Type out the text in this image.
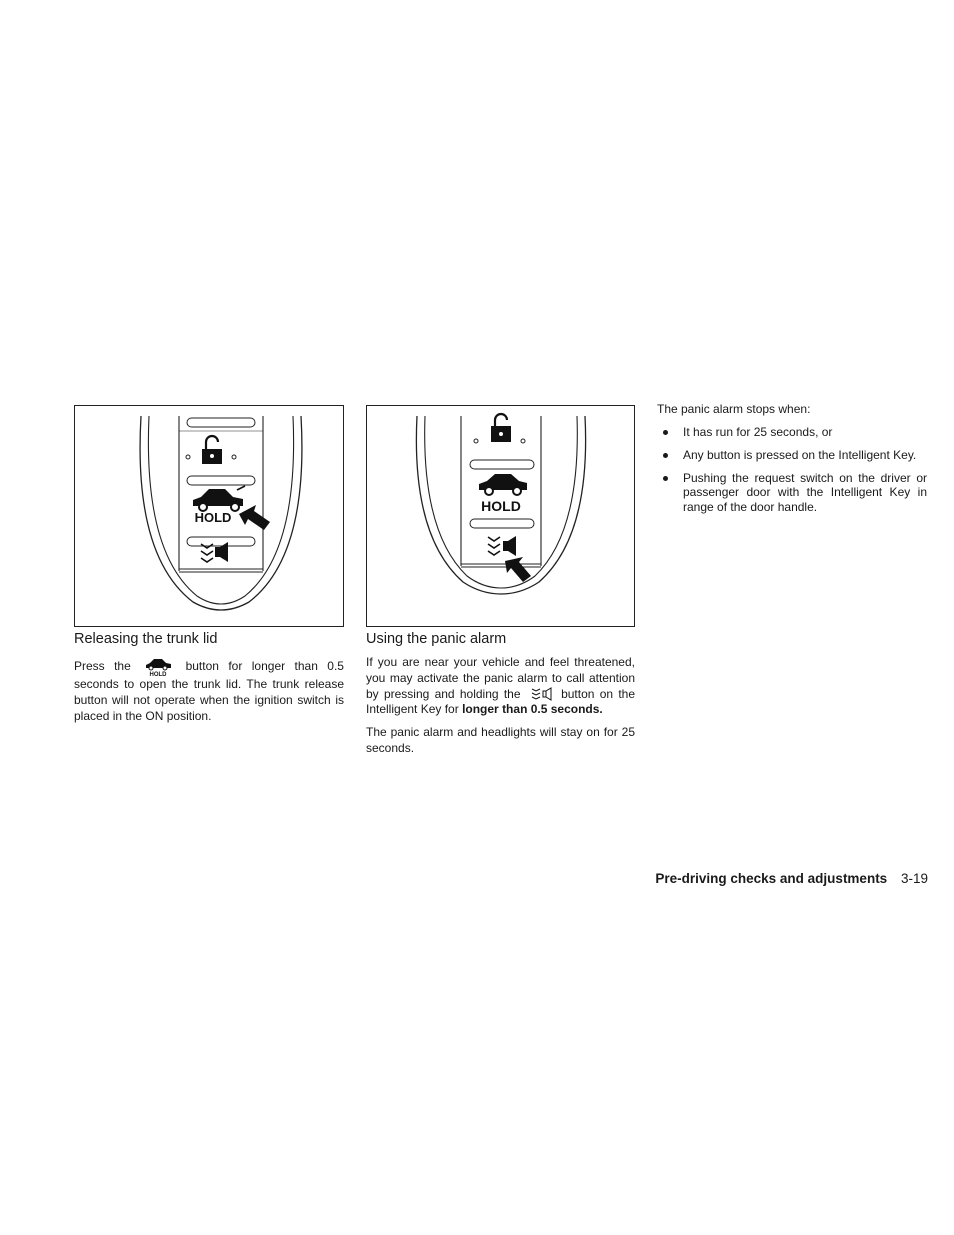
HOLD
Releasing the trunk lid

Press the
HOLD
button for longer than 0.5 seconds to open the trunk lid. The trunk release button will not operate when the ignition switch is placed in the ON position.

HOLD
Using the panic alarm

If you are near your vehicle and feel threatened, you may activate the panic alarm to call attention by pressing and holding the	button on the Intelligent Key for longer than 0.5 seconds.

The panic alarm and headlights will stay on for 25 seconds.

The panic alarm stops when:

It has run for 25 seconds, or
Any button is pressed on the Intelligent Key.
Pushing the request switch on the driver or passenger door with the Intelligent Key in range of the door handle.
Pre-driving checks and adjustments 3-19
